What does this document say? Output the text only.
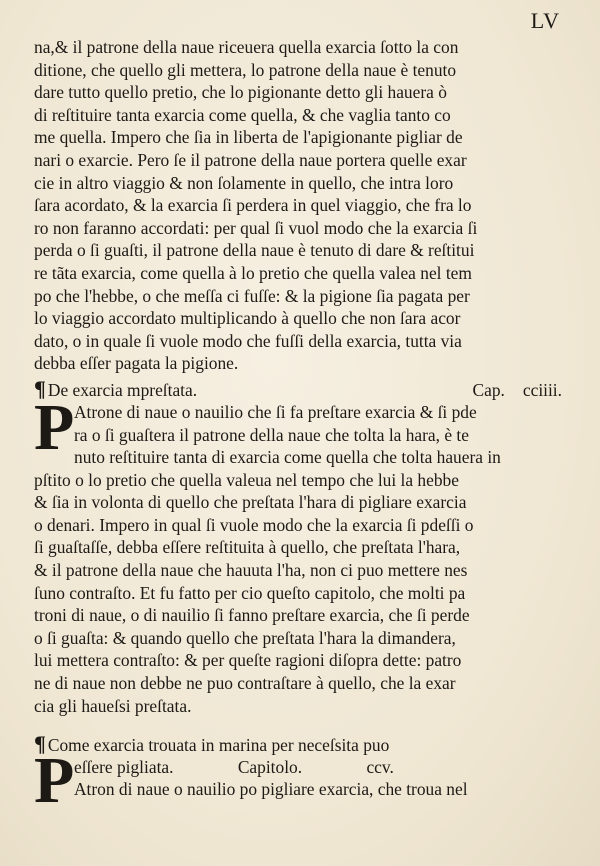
LV
na,& il patrone della naue riceuera quella exarcia ſotto la con
ditione, che quello gli mettera, lo patrone della naue è tenuto
dare tutto quello pretio, che lo pigionante detto gli hauera ò
di reſtituire tanta exarcia come quella, & che vaglia tanto co
me quella. Impero che ſia in liberta de l'apigionante pigliar de
nari o exarcie. Pero ſe il patrone della naue portera quelle exar
cie in altro viaggio & non ſolamente in quello, che intra loro
ſara acordato, & la exarcia ſi perdera in quel viaggio, che fra lo
ro non faranno accordati: per qual ſi vuol modo che la exarcia ſi
perda o ſi guaſti, il patrone della naue è tenuto di dare & reſtitui
re tãta exarcia, come quella à lo pretio che quella valea nel tem
po che l'hebbe, o che meſſa ci fuſſe: & la pigione ſia pagata per
lo viaggio accordato multiplicando à quello che non ſara acor
dato, o in quale ſi vuole modo che fuſſi della exarcia, tutta via
debba eſſer pagata la pigione.
¶ De exarcia mpreſtata.	Cap. cciiii.
P Atrone di naue o nauilio che ſi fa preſtare exarcia & ſi pde
ra o ſi guaſtera il patrone della naue che tolta la hara, è te
nuto reſtituire tanta di exarcia come quella che tolta hauera in
pſtito o lo pretio che quella valeua nel tempo che lui la hebbe
& ſia in volonta di quello che preſtata l'hara di pigliare exarcia
o denari. Impero in qual ſi vuole modo che la exarcia ſi pdeſſi o
ſi guaſtaſſe, debba eſſere reſtituita à quello, che preſtata l'hara,
& il patrone della naue che hauuta l'ha, non ci puo mettere nes
ſuno contraſto. Et fu fatto per cio queſto capitolo, che molti pa
troni di naue, o di nauilio ſi fanno preſtare exarcia, che ſi perde
o ſi guaſta: & quando quello che preſtata l'hara la dimandera,
lui mettera contraſto: & per queſte ragioni diſopra dette: patro
ne di naue non debbe ne puo contraſtare à quello, che la exar
cia gli haueſsi preſtata.
¶ Come exarcia trouata in marina per neceſsita puo
eſſere pigliata.	Capitolo.	ccv.
P Atron di naue o nauilio po pigliare exarcia, che troua nel
